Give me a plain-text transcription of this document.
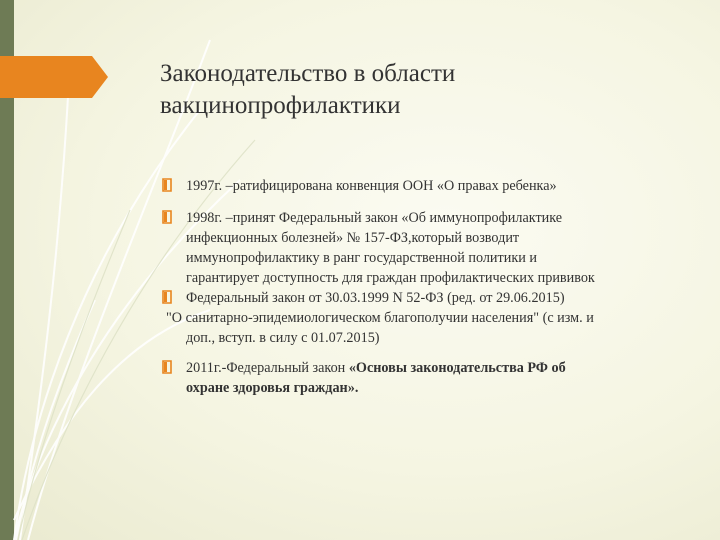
Законодательство в области
вакцинопрофилактики
1997г. –ратифицирована конвенция ООН «О правах ребенка»
1998г. –принят Федеральный закон «Об иммунопрофилактике
инфекционных болезней» № 157-ФЗ,который возводит
иммунопрофилактику в ранг государственной политики и
гарантирует доступность для граждан профилактических прививок
Федеральный закон от 30.03.1999 N 52-ФЗ (ред. от 29.06.2015)
"О санитарно-эпидемиологическом благополучии населения" (с изм. и
доп., вступ. в силу с 01.07.2015)
2011г.-Федеральный закон «Основы законодательства РФ об
охране здоровья граждан».
